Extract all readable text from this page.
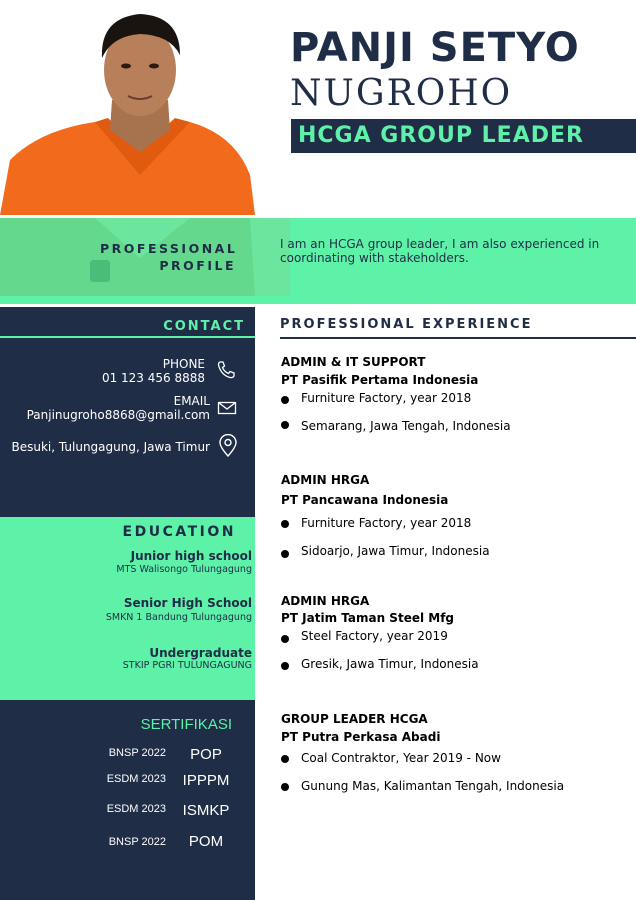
PANJI SETYO
NUGROHO
HCGA GROUP LEADER
PROFESSIONAL
PROFILE
I am an HCGA group leader, I am also experienced in coordinating with stakeholders.
CONTACT
PHONE
01 123 456 8888
EMAIL
Panjinugroho8868@gmail.com
Besuki, Tulungagung, Jawa Timur
EDUCATION
Junior high school
MTS Walisongo Tulungagung
Senior High School
SMKN 1 Bandung Tulungagung
Undergraduate
STKIP PGRI TULUNGAGUNG
SERTIFIKASI
BNSP 2022	POP
ESDM 2023	IPPPM
ESDM 2023	ISMKP
BNSP 2022	POM
PROFESSIONAL EXPERIENCE
ADMIN & IT SUPPORT
PT Pasifik Pertama Indonesia
Furniture Factory, year 2018
Semarang, Jawa Tengah, Indonesia
ADMIN HRGA
PT Pancawana Indonesia
Furniture Factory, year 2018
Sidoarjo, Jawa Timur, Indonesia
ADMIN HRGA
PT Jatim Taman Steel Mfg
Steel Factory, year 2019
Gresik, Jawa Timur, Indonesia
GROUP LEADER HCGA
PT Putra Perkasa Abadi
Coal Contraktor, Year 2019 - Now
Gunung Mas, Kalimantan Tengah, Indonesia
